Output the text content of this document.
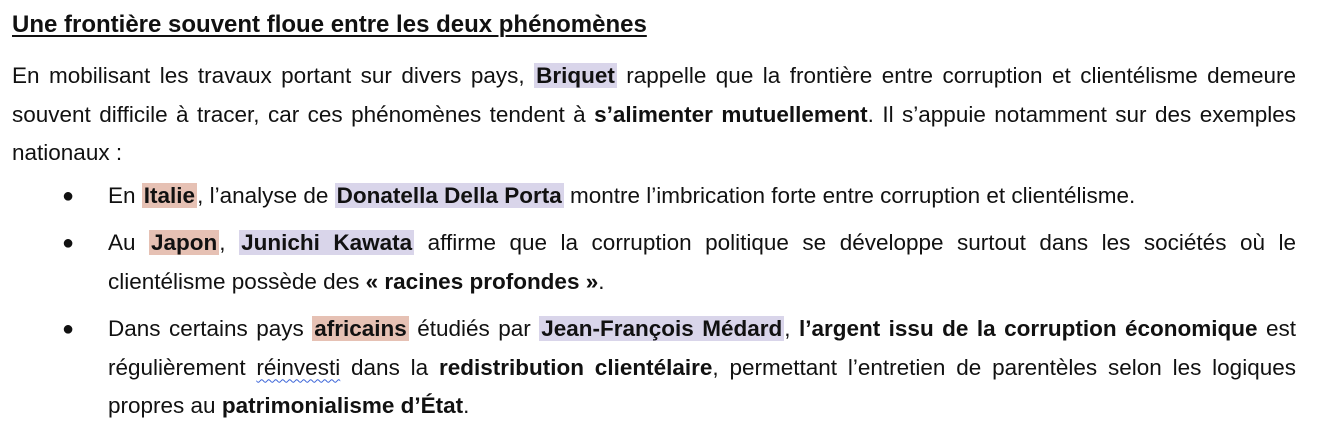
Une frontière souvent floue entre les deux phénomènes

En mobilisant les travaux portant sur divers pays, Briquet rappelle que la frontière entre corruption et clientélisme demeure souvent difficile à tracer, car ces phénomènes tendent à s’alimenter mutuellement. Il s’appuie notamment sur des exemples nationaux :

● En Italie, l’analyse de Donatella Della Porta montre l’imbrication forte entre corruption et clientélisme.
● Au Japon, Junichi Kawata affirme que la corruption politique se développe surtout dans les sociétés où le clientélisme possède des « racines profondes ».
● Dans certains pays africains étudiés par Jean-François Médard, l’argent issu de la corruption économique est régulièrement réinvesti dans la redistribution clientélaire, permettant l’entretien de parentèles selon les logiques propres au patrimonialisme d’État.
